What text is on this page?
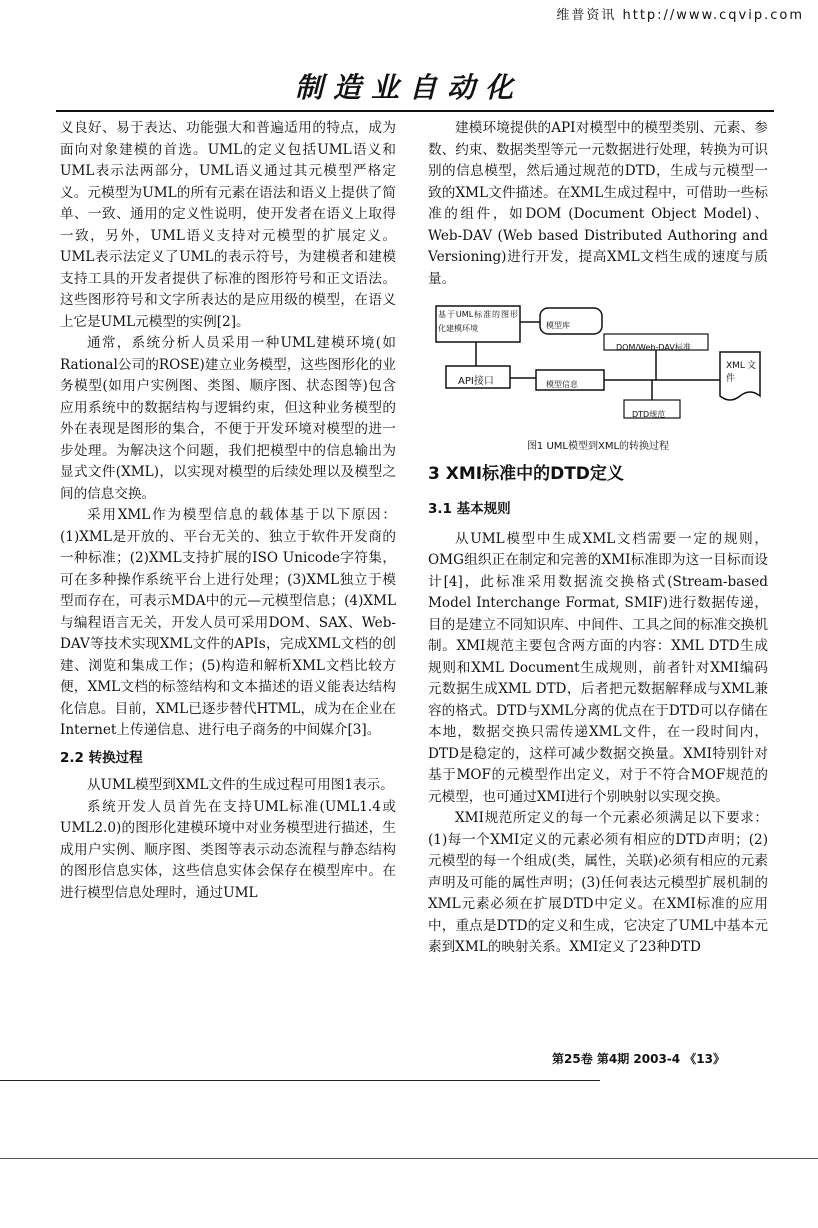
维普资讯 http://www.cqvip.com
制造业自动化

义良好、易于表达、功能强大和普遍适用的特点，成为面向对象建模的首选。UML的定义包括UML语义和UML表示法两部分，UML语义通过其元模型严格定义。元模型为UML的所有元素在语法和语义上提供了简单、一致、通用的定义性说明，使开发者在语义上取得一致，另外，UML语义支持对元模型的扩展定义。UML表示法定义了UML的表示符号，为建模者和建模支持工具的开发者提供了标准的图形符号和正文语法。这些图形符号和文字所表达的是应用级的模型，在语义上它是UML元模型的实例[2]。

通常，系统分析人员采用一种UML建模环境(如Rational公司的ROSE)建立业务模型，这些图形化的业务模型(如用户实例图、类图、顺序图、状态图等)包含应用系统中的数据结构与逻辑约束，但这种业务模型的外在表现是图形的集合，不便于开发环境对模型的进一步处理。为解决这个问题，我们把模型中的信息输出为显式文件(XML)，以实现对模型的后续处理以及模型之间的信息交换。

采用XML作为模型信息的载体基于以下原因：(1)XML是开放的、平台无关的、独立于软件开发商的一种标准；(2)XML支持扩展的ISO Unicode字符集，可在多种操作系统平台上进行处理；(3)XML独立于模型而存在，可表示MDA中的元—元模型信息；(4)XML与编程语言无关，开发人员可采用DOM、SAX、Web-DAV等技术实现XML文件的APIs，完成XML文档的创建、浏览和集成工作；(5)构造和解析XML文档比较方便，XML文档的标签结构和文本描述的语义能表达结构化信息。目前，XML已逐步替代HTML，成为在企业在Internet上传递信息、进行电子商务的中间媒介[3]。

2.2 转换过程

从UML模型到XML文件的生成过程可用图1表示。

系统开发人员首先在支持UML标准(UML1.4或UML2.0)的图形化建模环境中对业务模型进行描述，生成用户实例、顺序图、类图等表示动态流程与静态结构的图形信息实体，这些信息实体会保存在模型库中。在进行模型信息处理时，通过UML

建模环境提供的API对模型中的模型类别、元素、参数、约束、数据类型等元一元数据进行处理，转换为可识别的信息模型，然后通过规范的DTD，生成与元模型一致的XML文件描述。在XML生成过程中，可借助一些标准的组件，如DOM (Document Object Model)、Web-DAV (Web based Distributed Authoring and Versioning)进行开发，提高XML文档生成的速度与质量。

基于UML标准的图形化建模环境	模型库
DOM/Web-DAV标准
API接口	模型信息
XML文件
DTD规范
图1 UML模型到XML的转换过程
3 XMI标准中的DTD定义
3.1 基本规则

从UML模型中生成XML文档需要一定的规则，OMG组织正在制定和完善的XMI标准即为这一目标而设计[4]，此标准采用数据流交换格式(Stream-based Model Interchange Format, SMIF)进行数据传递，目的是建立不同知识库、中间件、工具之间的标准交换机制。XMI规范主要包含两方面的内容：XML DTD生成规则和XML Document生成规则，前者针对XMI编码元数据生成XML DTD，后者把元数据解释成与XML兼容的格式。DTD与XML分离的优点在于DTD可以存储在本地，数据交换只需传递XML文件，在一段时间内，DTD是稳定的，这样可减少数据交换量。XMI特别针对基于MOF的元模型作出定义，对于不符合MOF规范的元模型，也可通过XMI进行个别映射以实现交换。

XMI规范所定义的每一个元素必须满足以下要求：(1)每一个XMI定义的元素必须有相应的DTD声明；(2)元模型的每一个组成(类，属性，关联)必须有相应的元素声明及可能的属性声明；(3)任何表达元模型扩展机制的XML元素必须在扩展DTD中定义。在XMI标准的应用中，重点是DTD的定义和生成，它决定了UML中基本元素到XML的映射关系。XMI定义了23种DTD

第25卷 第4期 2003-4 《13》
